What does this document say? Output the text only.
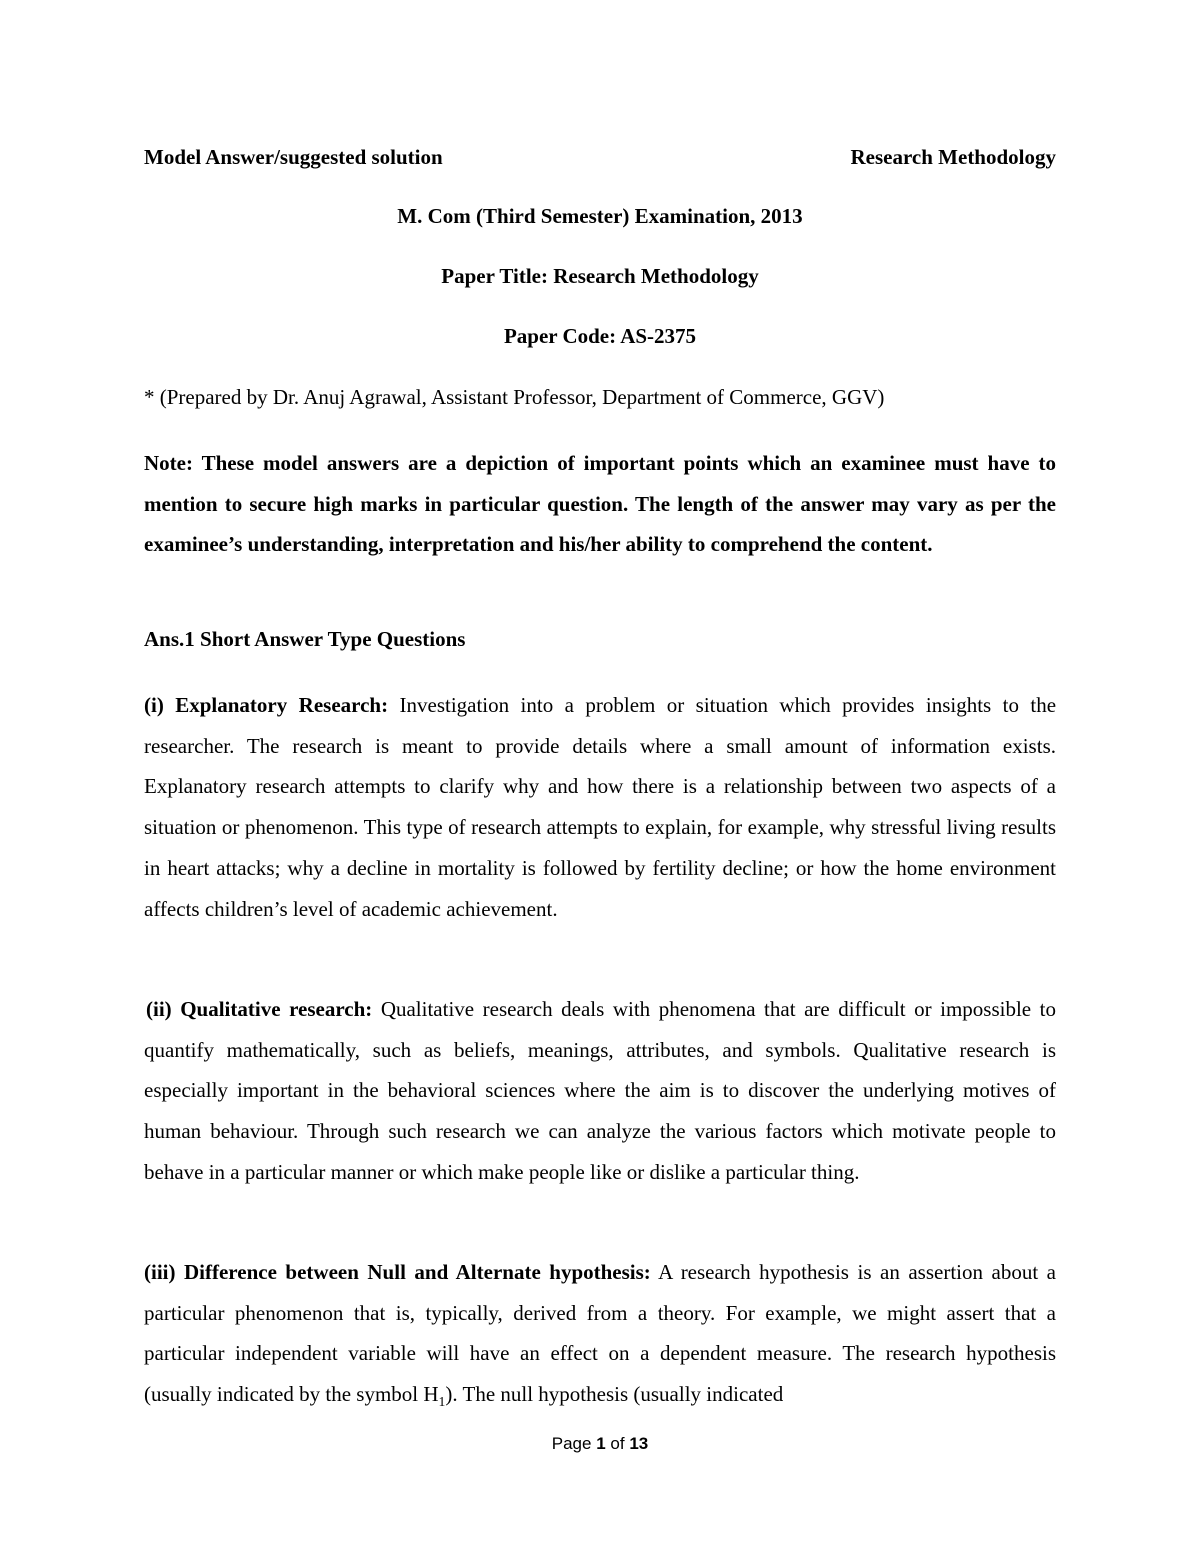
Model Answer/suggested solution	Research Methodology
M. Com (Third Semester) Examination, 2013
Paper Title: Research Methodology
Paper Code: AS-2375
* (Prepared by Dr. Anuj Agrawal, Assistant Professor, Department of Commerce, GGV)
Note: These model answers are a depiction of important points which an examinee must have to mention to secure high marks in particular question. The length of the answer may vary as per the examinee’s understanding, interpretation and his/her ability to comprehend the content.
Ans.1 Short Answer Type Questions
(i) Explanatory Research: Investigation into a problem or situation which provides insights to the researcher. The research is meant to provide details where a small amount of information exists. Explanatory research attempts to clarify why and how there is a relationship between two aspects of a situation or phenomenon. This type of research attempts to explain, for example, why stressful living results in heart attacks; why a decline in mortality is followed by fertility decline; or how the home environment affects children’s level of academic achievement.
(ii) Qualitative research: Qualitative research deals with phenomena that are difficult or impossible to quantify mathematically, such as beliefs, meanings, attributes, and symbols. Qualitative research is especially important in the behavioral sciences where the aim is to discover the underlying motives of human behaviour. Through such research we can analyze the various factors which motivate people to behave in a particular manner or which make people like or dislike a particular thing.
(iii) Difference between Null and Alternate hypothesis: A research hypothesis is an assertion about a particular phenomenon that is, typically, derived from a theory. For example, we might assert that a particular independent variable will have an effect on a dependent measure. The research hypothesis (usually indicated by the symbol $H_1$). The null hypothesis (usually indicated
Page 1 of 13
